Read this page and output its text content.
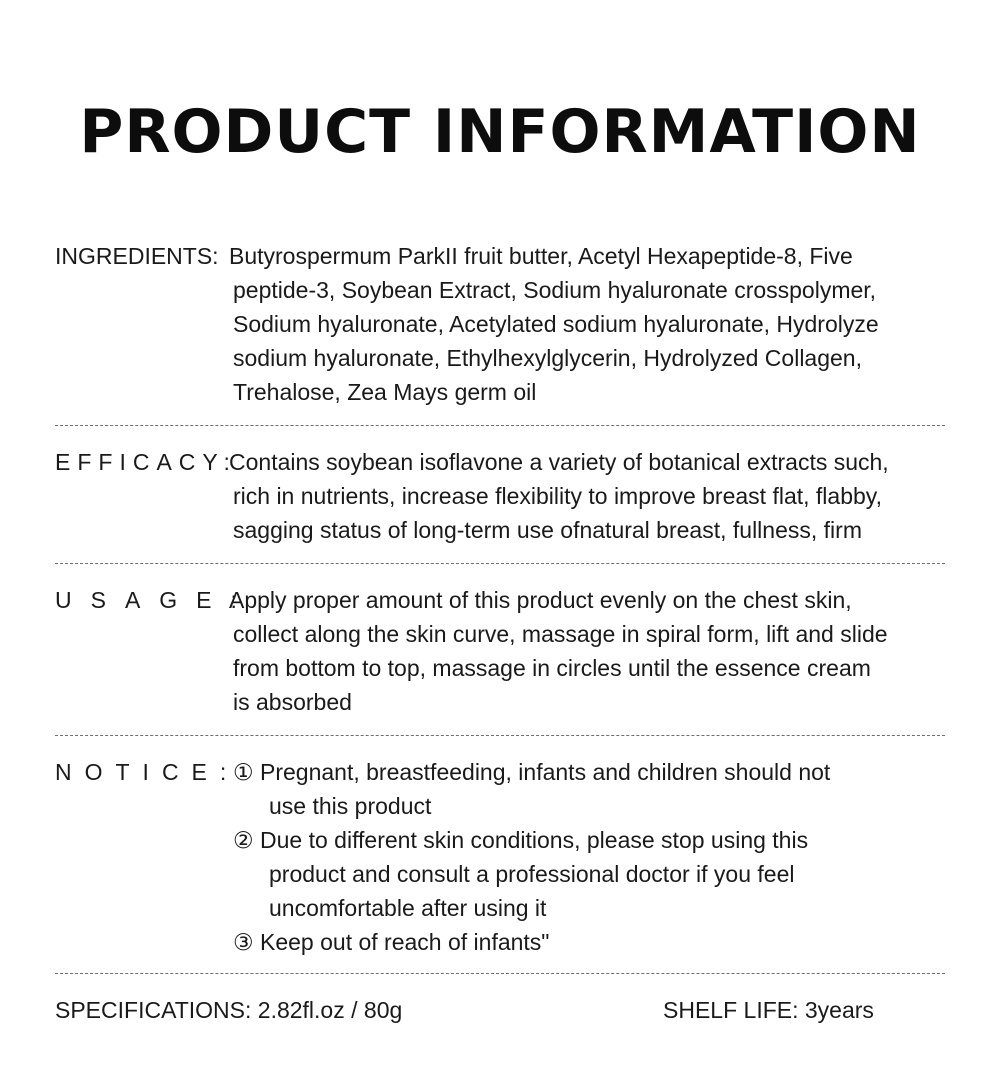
PRODUCT INFORMATION
INGREDIENTS: Butyrospermum ParkII fruit butter, Acetyl Hexapeptide-8, Five
peptide-3, Soybean Extract, Sodium hyaluronate crosspolymer,
Sodium hyaluronate, Acetylated sodium hyaluronate, Hydrolyze
sodium hyaluronate, Ethylhexylglycerin, Hydrolyzed Collagen,
Trehalose, Zea Mays germ oil
EFFICACY:
Contains soybean isoflavone a variety of botanical extracts such,
rich in nutrients, increase flexibility to improve breast flat, flabby,
sagging status of long-term use ofnatural breast, fullness, firm
USAGE:
Apply proper amount of this product evenly on the chest skin,
collect along the skin curve, massage in spiral form, lift and slide
from bottom to top, massage in circles until the essence cream
is absorbed
NOTICE:
① Pregnant, breastfeeding, infants and children should not
use this product
② Due to different skin conditions, please stop using this
product and consult a professional doctor if you feel
uncomfortable after using it
③ Keep out of reach of infants"
SPECIFICATIONS: 2.82fl.oz / 80g	SHELF LIFE: 3years
